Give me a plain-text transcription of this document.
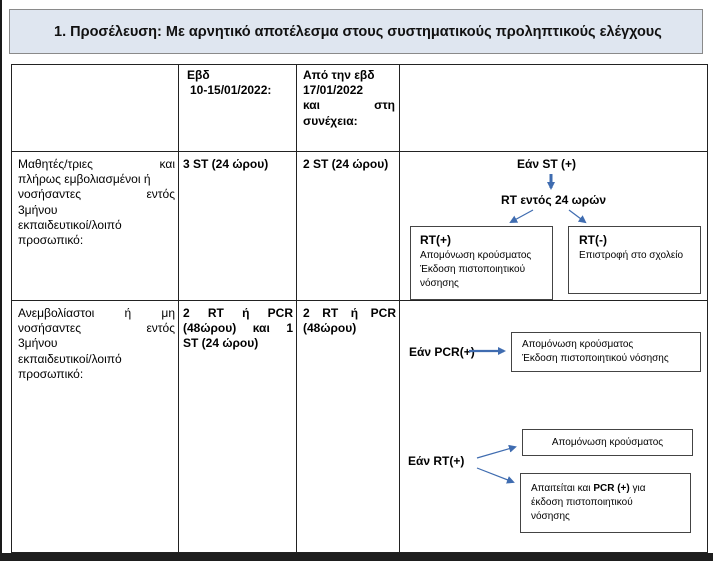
1. Προσέλευση: Με αρνητικό αποτέλεσμα στους συστηματικούς προληπτικούς ελέγχους
Εβδ
10-15/01/2022:
Από την εβδ
17/01/2022
και στη
συνέχεια:
Μαθητές/τριες και
πλήρως εμβολιασμένοι ή
νοσήσαντες εντός
3μήνου
εκπαιδευτικοί/λοιπό
προσωπικό:
3 ST (24 ώρου)	2 ST (24 ώρου)	Εάν ST (+)
RT εντός 24 ωρών
RT(+)
Απομόνωση κρούσματος
Έκδοση πιστοποιητικού
νόσησης
RT(-)
Επιστροφή στο σχολείο
Ανεμβολίαστοι ή μη
νοσήσαντες εντός
3μήνου
εκπαιδευτικοί/λοιπό
προσωπικό:
2 RT ή PCR
(48ώρου) και 1
ST (24 ώρου)
2 RT ή PCR
(48ώρου)
Εάν PCR(+)
Απομόνωση κρούσματος
Έκδοση πιστοποιητικού νόσησης
Εάν RT(+)
Απομόνωση κρούσματος
Απαιτείται και PCR (+) για
έκδοση πιστοποιητικού
νόσησης
